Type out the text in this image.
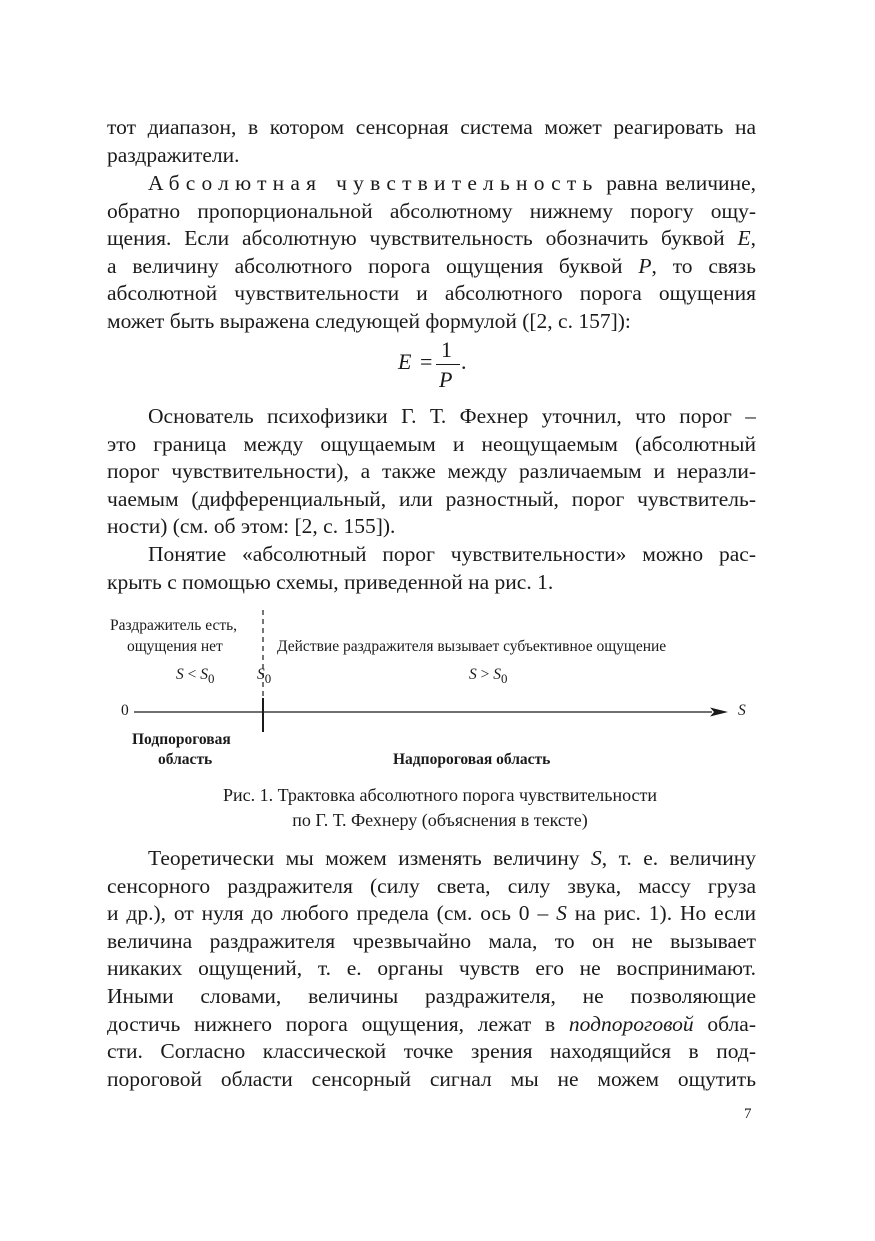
тот диапазон, в котором сенсорная система может реагировать на
раздражители.
Абсолютная чувствительность равна величине,
обратно пропорциональной абсолютному нижнему порогу ощу-
щения. Если абсолютную чувствительность обозначить буквой E,
а величину абсолютного порога ощущения буквой P, то связь
абсолютной чувствительности и абсолютного порога ощущения
может быть выражена следующей формулой ([2, с. 157]):
E = 1
P
.
Основатель психофизики Г. Т. Фехнер уточнил, что порог –
это граница между ощущаемым и неощущаемым (абсолютный
порог чувствительности), а также между различаемым и неразли-
чаемым (дифференциальный, или разностный, порог чувствитель-
ности) (см. об этом: [2, с. 155]).
Понятие «абсолютный порог чувствительности» можно рас-
крыть с помощью схемы, приведенной на рис. 1.
Раздражитель есть,
ощущения нет	Действие раздражителя вызывает субъективное ощущение
$S < S_0$	$S_0$	$S > S_0$
0	S
Подпороговая
область	Надпороговая область
Рис. 1. Трактовка абсолютного порога чувствительности
по Г. Т. Фехнеру (объяснения в тексте)
Теоретически мы можем изменять величину S, т. е. величину
сенсорного раздражителя (силу света, силу звука, массу груза
и др.), от нуля до любого предела (см. ось 0 – S на рис. 1). Но если
величина раздражителя чрезвычайно мала, то он не вызывает
никаких ощущений, т. е. органы чувств его не воспринимают.
Иными словами, величины раздражителя, не позволяющие
достичь нижнего порога ощущения, лежат в подпороговой обла-
сти. Согласно классической точке зрения находящийся в под-
пороговой области сенсорный сигнал мы не можем ощутить
7
